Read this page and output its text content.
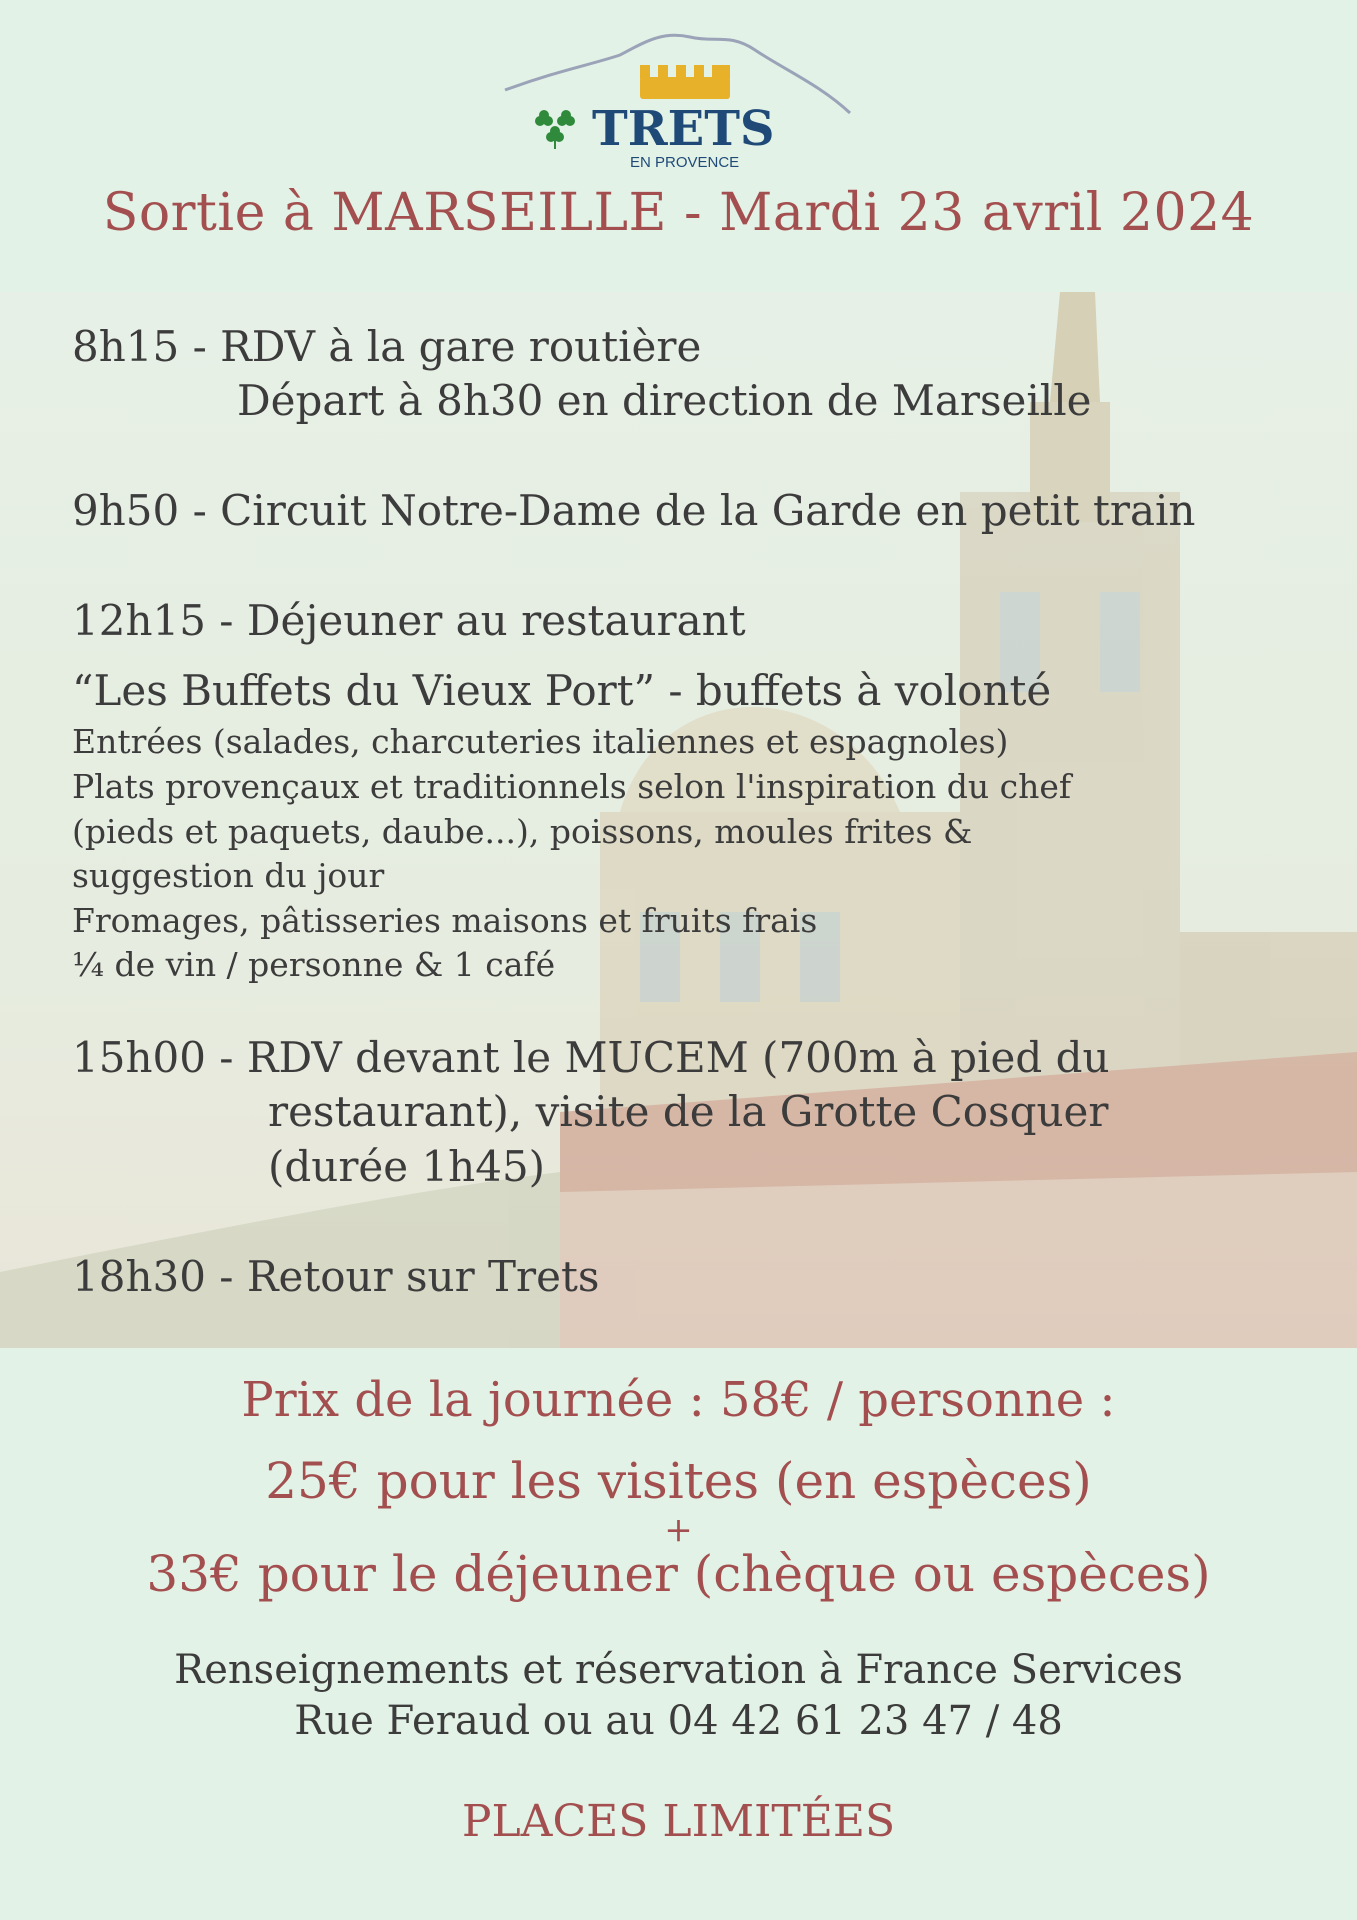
TRETS
EN PROVENCE
Sortie à MARSEILLE - Mardi 23 avril 2024
8h15 - RDV à la gare routière
Départ à 8h30 en direction de Marseille
9h50 - Circuit Notre-Dame de la Garde en petit train
12h15 - Déjeuner au restaurant
“Les Buffets du Vieux Port” - buffets à volonté
Entrées (salades, charcuteries italiennes et espagnoles)
Plats provençaux et traditionnels selon l'inspiration du chef
(pieds et paquets, daube...), poissons, moules frites &
suggestion du jour
Fromages, pâtisseries maisons et fruits frais
¼ de vin / personne & 1 café
15h00 - RDV devant le MUCEM (700m à pied du
restaurant), visite de la Grotte Cosquer
(durée 1h45)
18h30 - Retour sur Trets
Prix de la journée : 58€ / personne :
25€ pour les visites (en espèces)
+
33€ pour le déjeuner (chèque ou espèces)
Renseignements et réservation à France Services
Rue Feraud ou au 04 42 61 23 47 / 48
PLACES LIMITÉES
